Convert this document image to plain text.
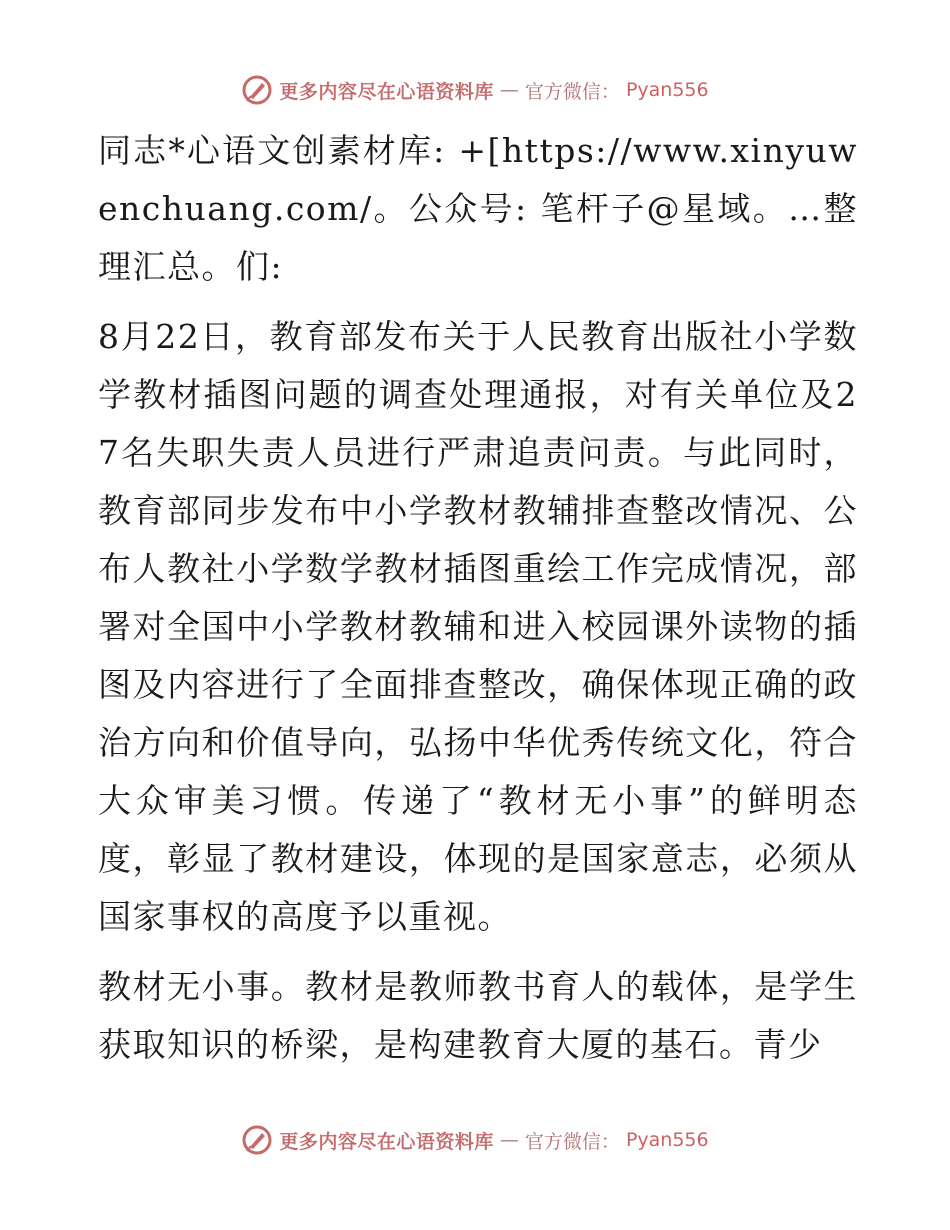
更多内容尽在心语资料库 — 官方微信： Pyan556

同志*心语文创素材库: +[https://www.xinyuwenchuang.com/。公众号: 笔杆子@星域。…整理汇总。们:

8月22日，教育部发布关于人民教育出版社小学数学教材插图问题的调查处理通报，对有关单位及27名失职失责人员进行严肃追责问责。与此同时，教育部同步发布中小学教材教辅排查整改情况、公布人教社小学数学教材插图重绘工作完成情况，部署对全国中小学教材教辅和进入校园课外读物的插图及内容进行了全面排查整改，确保体现正确的政治方向和价值导向，弘扬中华优秀传统文化，符合大众审美习惯。传递了“教材无小事”的鲜明态度，彰显了教材建设，体现的是国家意志，必须从国家事权的高度予以重视。

教材无小事。教材是教师教书育人的载体，是学生获取知识的桥梁，是构建教育大厦的基石。青少

更多内容尽在心语资料库 — 官方微信： Pyan556
